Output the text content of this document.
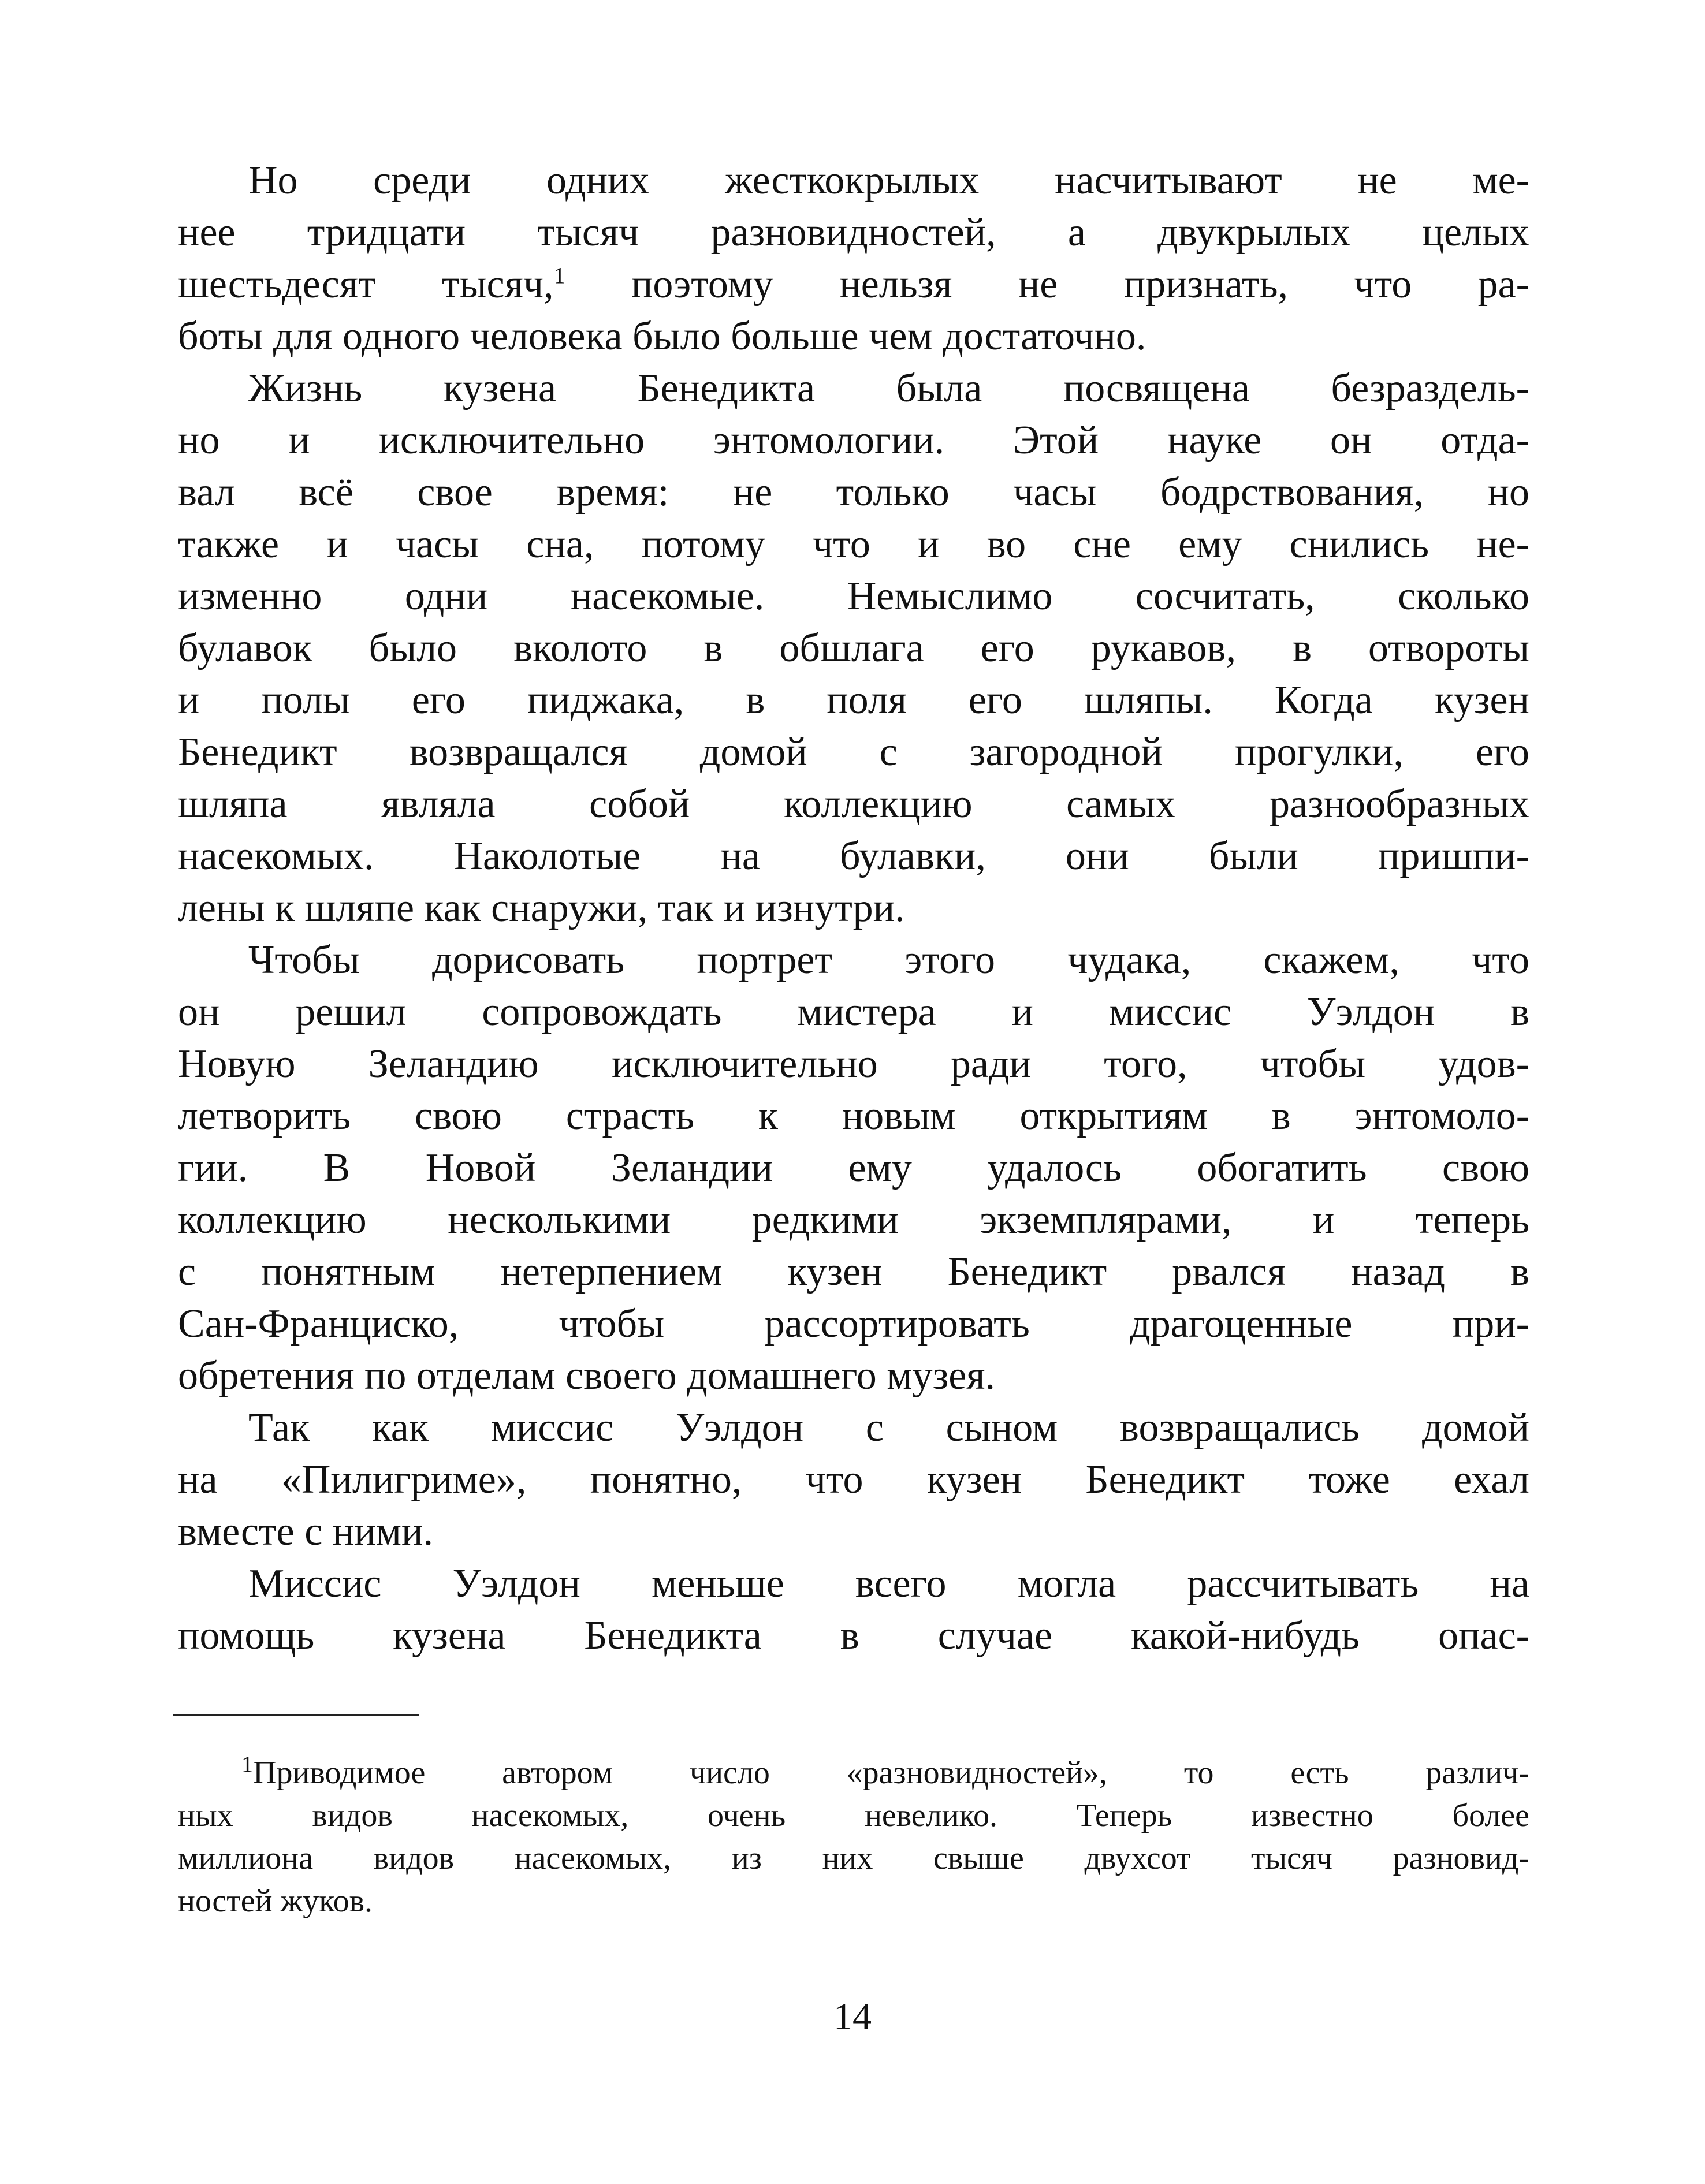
Но среди одних жесткокрылых насчитывают не ме-
нее тридцати тысяч разновидностей, а двукрылых целых
шестьдесят тысяч,$^1$ поэтому нельзя не признать, что ра-
боты для одного человека было больше чем достаточно.

Жизнь кузена Бенедикта была посвящена безраздель-
но и исключительно энтомологии. Этой науке он отда-
вал всё свое время: не только часы бодрствования, но
также и часы сна, потому что и во сне ему снились не-
изменно одни насекомые. Немыслимо сосчитать, сколько
булавок было вколото в обшлага его рукавов, в отвороты
и полы его пиджака, в поля его шляпы. Когда кузен
Бенедикт возвращался домой с загородной прогулки, его
шляпа являла собой коллекцию самых разнообразных
насекомых. Наколотые на булавки, они были пришпи-
лены к шляпе как снаружи, так и изнутри.

Чтобы дорисовать портрет этого чудака, скажем, что
он решил сопровождать мистера и миссис Уэлдон в
Новую Зеландию исключительно ради того, чтобы удов-
летворить свою страсть к новым открытиям в энтомоло-
гии. В Новой Зеландии ему удалось обогатить свою
коллекцию несколькими редкими экземплярами, и теперь
с понятным нетерпением кузен Бенедикт рвался назад в
Сан-Франциско, чтобы рассортировать драгоценные при-
обретения по отделам своего домашнего музея.

Так как миссис Уэлдон с сыном возвращались домой
на «Пилигриме», понятно, что кузен Бенедикт тоже ехал
вместе с ними.

Миссис Уэлдон меньше всего могла рассчитывать на
помощь кузена Бенедикта в случае какой-нибудь опас-

$^1$Приводимое автором число «разновидностей», то есть различ-
ных видов насекомых, очень невелико. Теперь известно более
миллиона видов насекомых, из них свыше двухсот тысяч разновид-
ностей жуков.
14
